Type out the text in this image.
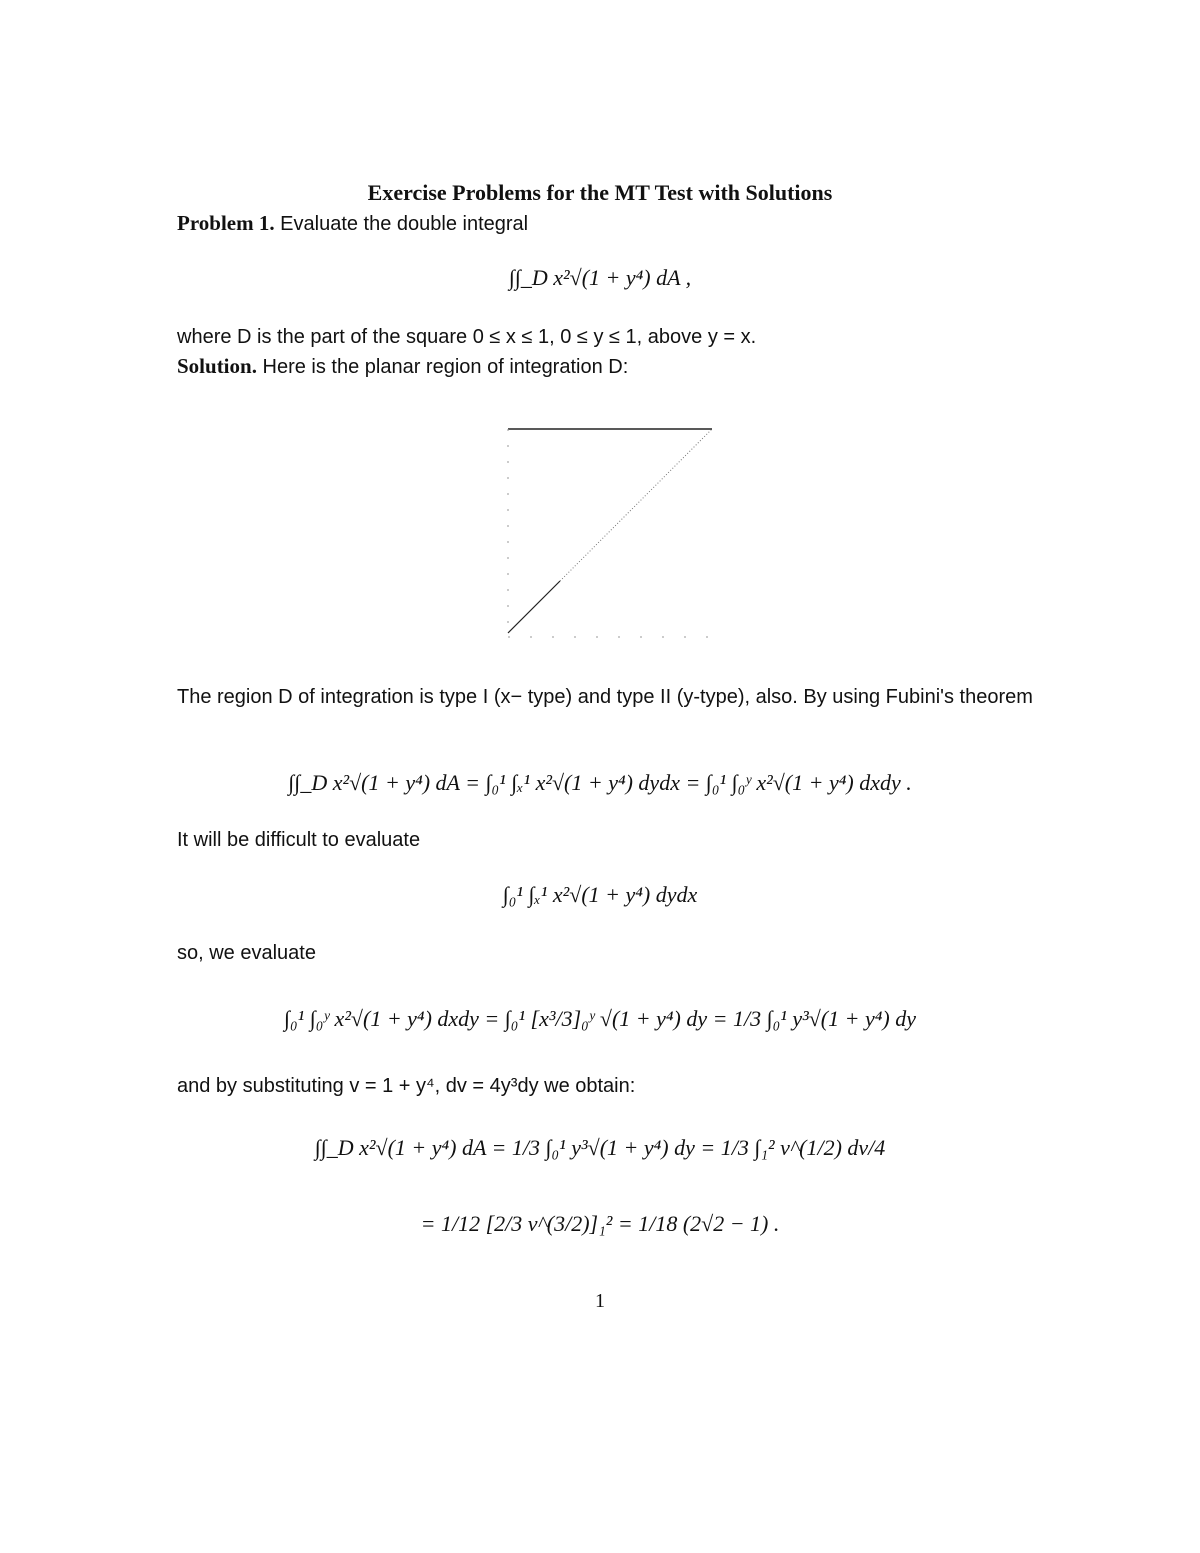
Exercise Problems for the MT Test with Solutions
Problem 1. Evaluate the double integral
∫∫_D x²√(1 + y⁴) dA ,
where D is the part of the square 0 ≤ x ≤ 1, 0 ≤ y ≤ 1, above y = x.
Solution. Here is the planar region of integration D:
The region D of integration is type I (x− type) and type II (y-type), also. By using Fubini's theorem
∫∫_D x²√(1 + y⁴) dA = ∫₀¹ ∫ₓ¹ x²√(1 + y⁴) dydx = ∫₀¹ ∫₀ʸ x²√(1 + y⁴) dxdy .
It will be difficult to evaluate
∫₀¹ ∫ₓ¹ x²√(1 + y⁴) dydx
so, we evaluate
∫₀¹ ∫₀ʸ x²√(1 + y⁴) dxdy = ∫₀¹ [x³/3]₀ʸ √(1 + y⁴) dy = 1/3 ∫₀¹ y³√(1 + y⁴) dy
and by substituting v = 1 + y⁴, dv = 4y³dy we obtain:
∫∫_D x²√(1 + y⁴) dA = 1/3 ∫₀¹ y³√(1 + y⁴) dy = 1/3 ∫₁² v^(1/2) dv/4
= 1/12 [2/3 v^(3/2)]₁² = 1/18 (2√2 − 1) .
1
